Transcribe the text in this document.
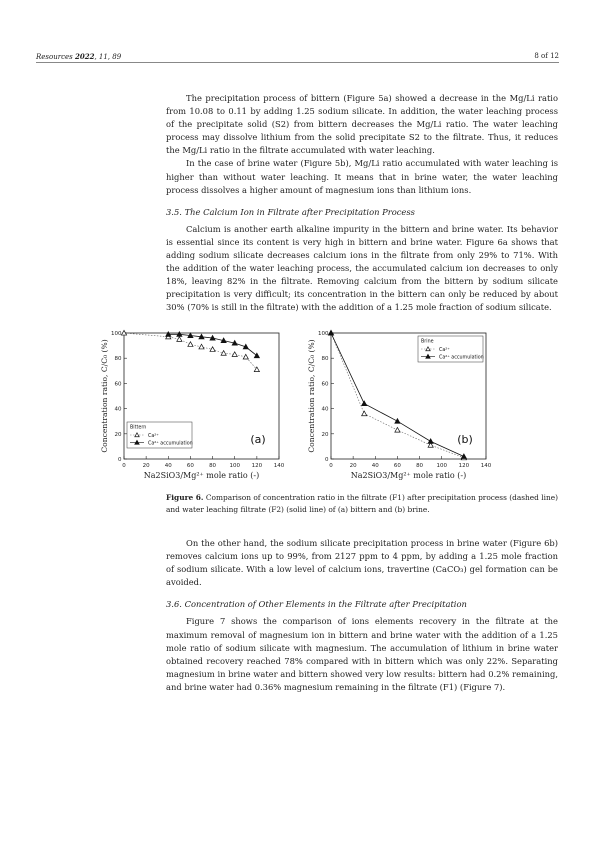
Resources 2022, 11, 89	8 of 12

The precipitation process of bittern (Figure 5a) showed a decrease in the Mg/Li ratio from 10.08 to 0.11 by adding 1.25 sodium silicate. In addition, the water leaching process of the precipitate solid (S2) from bittern decreases the Mg/Li ratio. The water leaching process may dissolve lithium from the solid precipitate S2 to the filtrate. Thus, it reduces the Mg/Li ratio in the filtrate accumulated with water leaching.

In the case of brine water (Figure 5b), Mg/Li ratio accumulated with water leaching is higher than without water leaching. It means that in brine water, the water leaching process dissolves a higher amount of magnesium ions than lithium ions.

3.5. The Calcium Ion in Filtrate after Precipitation Process

Calcium is another earth alkaline impurity in the bittern and brine water. Its behavior is essential since its content is very high in bittern and brine water. Figure 6a shows that adding sodium silicate decreases calcium ions in the filtrate from only 29% to 71%. With the addition of the water leaching process, the accumulated calcium ion decreases to only 18%, leaving 82% in the filtrate. Removing calcium from the bittern by sodium silicate precipitation is very difficult; its concentration in the bittern can only be reduced by about 30% (70% is still in the filtrate) with the addition of a 1.25 mole fraction of sodium silicate.

0	20	40	60	80 100 120 140
0
20
40
60
80
100
Na2SiO3/Mg²⁺ mole ratio (-)
Concentration ratio, C/C₀ (%)	(a)
Bittern
Ca²⁺
Ca²⁺ accumulation
0	20	40	60	80 100 120 140
0
20
40
60
80
100
Na2SiO3/Mg²⁺ mole ratio (-)
Concentration ratio, C/C₀ (%)	(b)
Brine
Ca²⁺
Ca²⁺ accumulation
Figure 6. Comparison of concentration ratio in the filtrate (F1) after precipitation process (dashed line) and water leaching filtrate (F2) (solid line) of (a) bittern and (b) brine.

On the other hand, the sodium silicate precipitation process in brine water (Figure 6b) removes calcium ions up to 99%, from 2127 ppm to 4 ppm, by adding a 1.25 mole fraction of sodium silicate. With a low level of calcium ions, travertine (CaCO₃) gel formation can be avoided.

3.6. Concentration of Other Elements in the Filtrate after Precipitation

Figure 7 shows the comparison of ions elements recovery in the filtrate at the maximum removal of magnesium ion in bittern and brine water with the addition of a 1.25 mole ratio of sodium silicate with magnesium. The accumulation of lithium in brine water obtained recovery reached 78% compared with in bittern which was only 22%. Separating magnesium in brine water and bittern showed very low results: bittern had 0.2% remaining, and brine water had 0.36% magnesium remaining in the filtrate (F1) (Figure 7).
